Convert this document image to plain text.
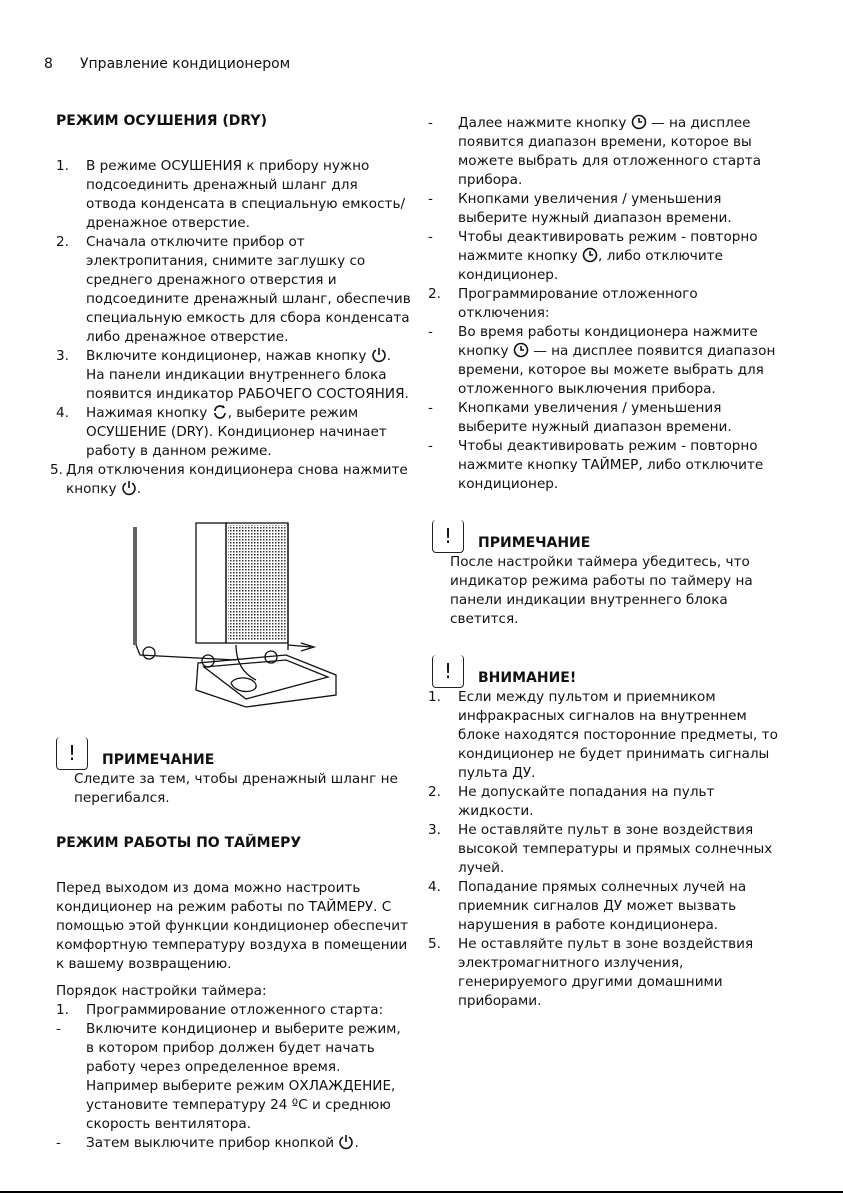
8 Управление кондиционером
РЕЖИМ ОСУШЕНИЯ (DRY)
1.	В режиме ОСУШЕНИЯ к прибору нужно подсоединить дренажный шланг для отвода конденсата в специальную емкость/ дренажное отверстие.

2.	Сначала отключите прибор от электропитания, снимите заглушку со среднего дренажного отверстия и подсоедините дренажный шланг, обеспечив специальную емкость для сбора конденсата либо дренажное отверстие.

3.	Включите кондиционер, нажав кнопку . На панели индикации внутреннего блока появится индикатор РАБОЧЕГО СОСТОЯНИЯ.

4.	Нажимая кнопку , выберите режим ОСУШЕНИЕ (DRY). Кондиционер начинает работу в данном режиме.

5. Для отключения кондиционера снова нажмите кнопку .

!	ПРИМЕЧАНИЕ

Следите за тем, чтобы дренажный шланг не перегибался.

РЕЖИМ РАБОТЫ ПО ТАЙМЕРУ

Перед выходом из дома можно настроить кондиционер на режим работы по ТАЙМЕРУ. С помощью этой функции кондиционер обеспечит комфортную температуру воздуха в помещении к вашему возвращению.

Порядок настройки таймера:

1.	Программирование отложенного старта:

-	Включите кондиционер и выберите режим, в котором прибор должен будет начать работу через определенное время. Например выберите режим ОХЛАЖДЕНИЕ, установите температуру 24 ºC и среднюю скорость вентилятора.

-	Затем выключите прибор кнопкой .

-	Далее нажмите кнопку — на дисплее появится диапазон времени, которое вы можете выбрать для отложенного старта прибора.

-	Кнопками увеличения / уменьшения выберите нужный диапазон времени.

-	Чтобы деактивировать режим - повторно нажмите кнопку , либо отключите кондиционер.

2.	Программирование отложенного отключения:

-	Во время работы кондиционера нажмите кнопку — на дисплее появится диапазон времени, которое вы можете выбрать для отложенного выключения прибора.

-	Кнопками увеличения / уменьшения выберите нужный диапазон времени.

-	Чтобы деактивировать режим - повторно нажмите кнопку ТАЙМЕР, либо отключите кондиционер.

!	ПРИМЕЧАНИЕ

После настройки таймера убедитесь, что индикатор режима работы по таймеру на панели индикации внутреннего блока светится.

!	ВНИМАНИЕ!
1.	Если между пультом и приемником инфракрасных сигналов на внутреннем блоке находятся посторонние предметы, то кондиционер не будет принимать сигналы пульта ДУ.

2.	Не допускайте попадания на пульт жидкости.

3.	Не оставляйте пульт в зоне воздействия высокой температуры и прямых солнечных лучей.

4.	Попадание прямых солнечных лучей на приемник сигналов ДУ может вызвать нарушения в работе кондиционера.

5.	Не оставляйте пульт в зоне воздействия электромагнитного излучения, генерируемого другими домашними приборами.
